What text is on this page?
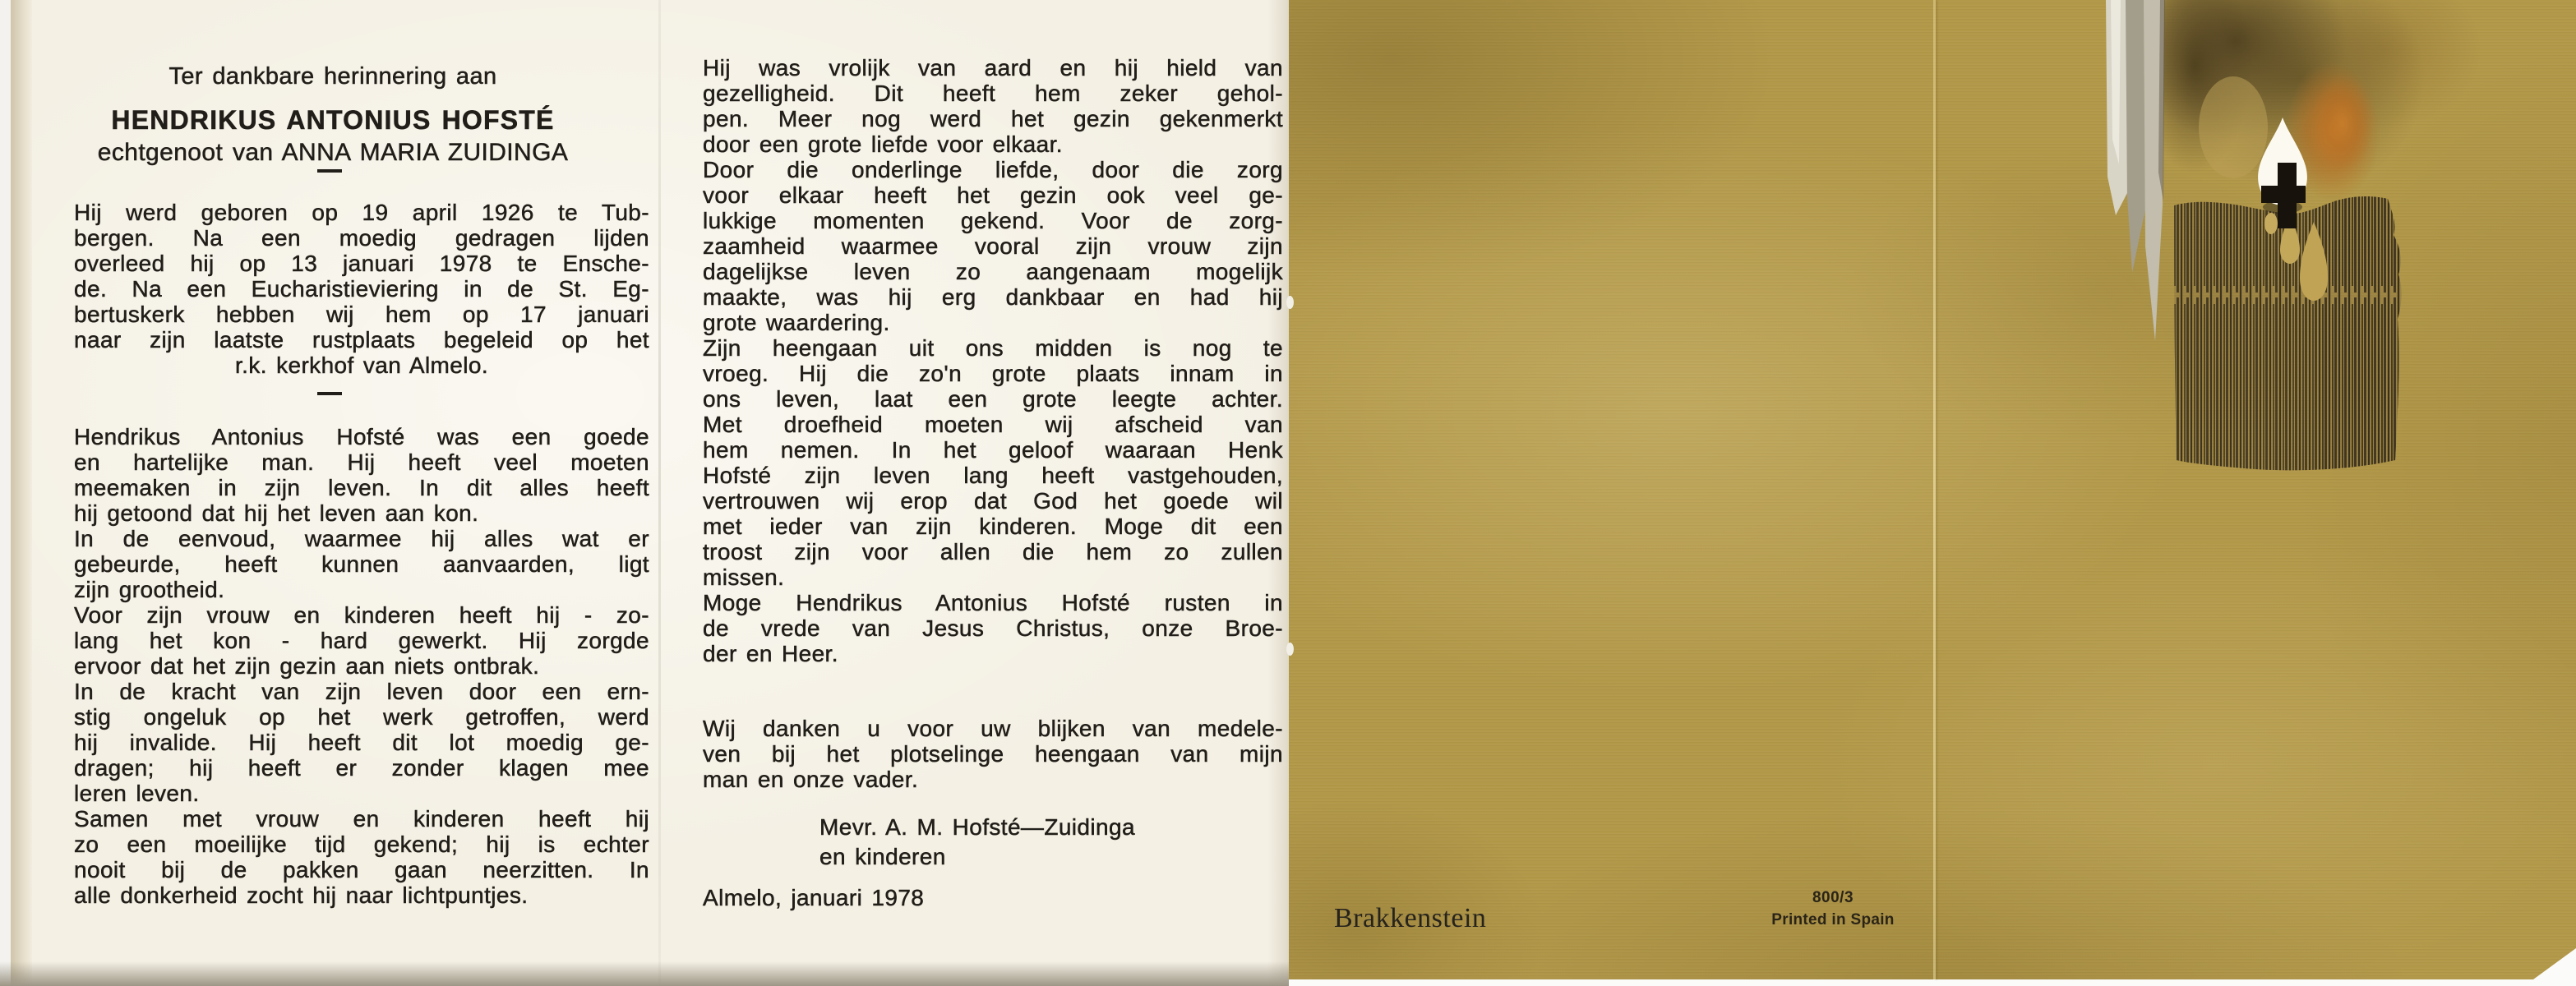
Ter dankbare herinnering aan
HENDRIKUS ANTONIUS HOFSTÉ
echtgenoot van ANNA MARIA ZUIDINGA
Hij werd geboren op 19 april 1926 te Tub-
bergen. Na een moedig gedragen lijden
overleed hij op 13 januari 1978 te Ensche-
de. Na een Eucharistieviering in de St. Eg-
bertuskerk hebben wij hem op 17 januari
naar zijn laatste rustplaats begeleid op het
r.k. kerkhof van Almelo.
Hendrikus Antonius Hofsté was een goede
en hartelijke man. Hij heeft veel moeten
meemaken in zijn leven. In dit alles heeft
hij getoond dat hij het leven aan kon.
In de eenvoud, waarmee hij alles wat er
gebeurde, heeft kunnen aanvaarden, ligt
zijn grootheid.
Voor zijn vrouw en kinderen heeft hij - zo-
lang het kon - hard gewerkt. Hij zorgde
ervoor dat het zijn gezin aan niets ontbrak.
In de kracht van zijn leven door een ern-
stig ongeluk op het werk getroffen, werd
hij invalide. Hij heeft dit lot moedig ge-
dragen; hij heeft er zonder klagen mee
leren leven.
Samen met vrouw en kinderen heeft hij
zo een moeilijke tijd gekend; hij is echter
nooit bij de pakken gaan neerzitten. In
alle donkerheid zocht hij naar lichtpuntjes.
Hij was vrolijk van aard en hij hield van
gezelligheid. Dit heeft hem zeker gehol-
pen. Meer nog werd het gezin gekenmerkt
door een grote liefde voor elkaar.
Door die onderlinge liefde, door die zorg
voor elkaar heeft het gezin ook veel ge-
lukkige momenten gekend. Voor de zorg-
zaamheid waarmee vooral zijn vrouw zijn
dagelijkse leven zo aangenaam mogelijk
maakte, was hij erg dankbaar en had hij
grote waardering.
Zijn heengaan uit ons midden is nog te
vroeg. Hij die zo'n grote plaats innam in
ons leven, laat een grote leegte achter.
Met droefheid moeten wij afscheid van
hem nemen. In het geloof waaraan Henk
Hofsté zijn leven lang heeft vastgehouden,
vertrouwen wij erop dat God het goede wil
met ieder van zijn kinderen. Moge dit een
troost zijn voor allen die hem zo zullen
missen.
Moge Hendrikus Antonius Hofsté rusten in
de vrede van Jesus Christus, onze Broe-
der en Heer.
Wij danken u voor uw blijken van medele-
ven bij het plotselinge heengaan van mijn
man en onze vader.
Mevr. A. M. Hofsté—Zuidinga
en kinderen
Almelo, januari 1978
Brakkenstein
800/3
Printed in Spain
